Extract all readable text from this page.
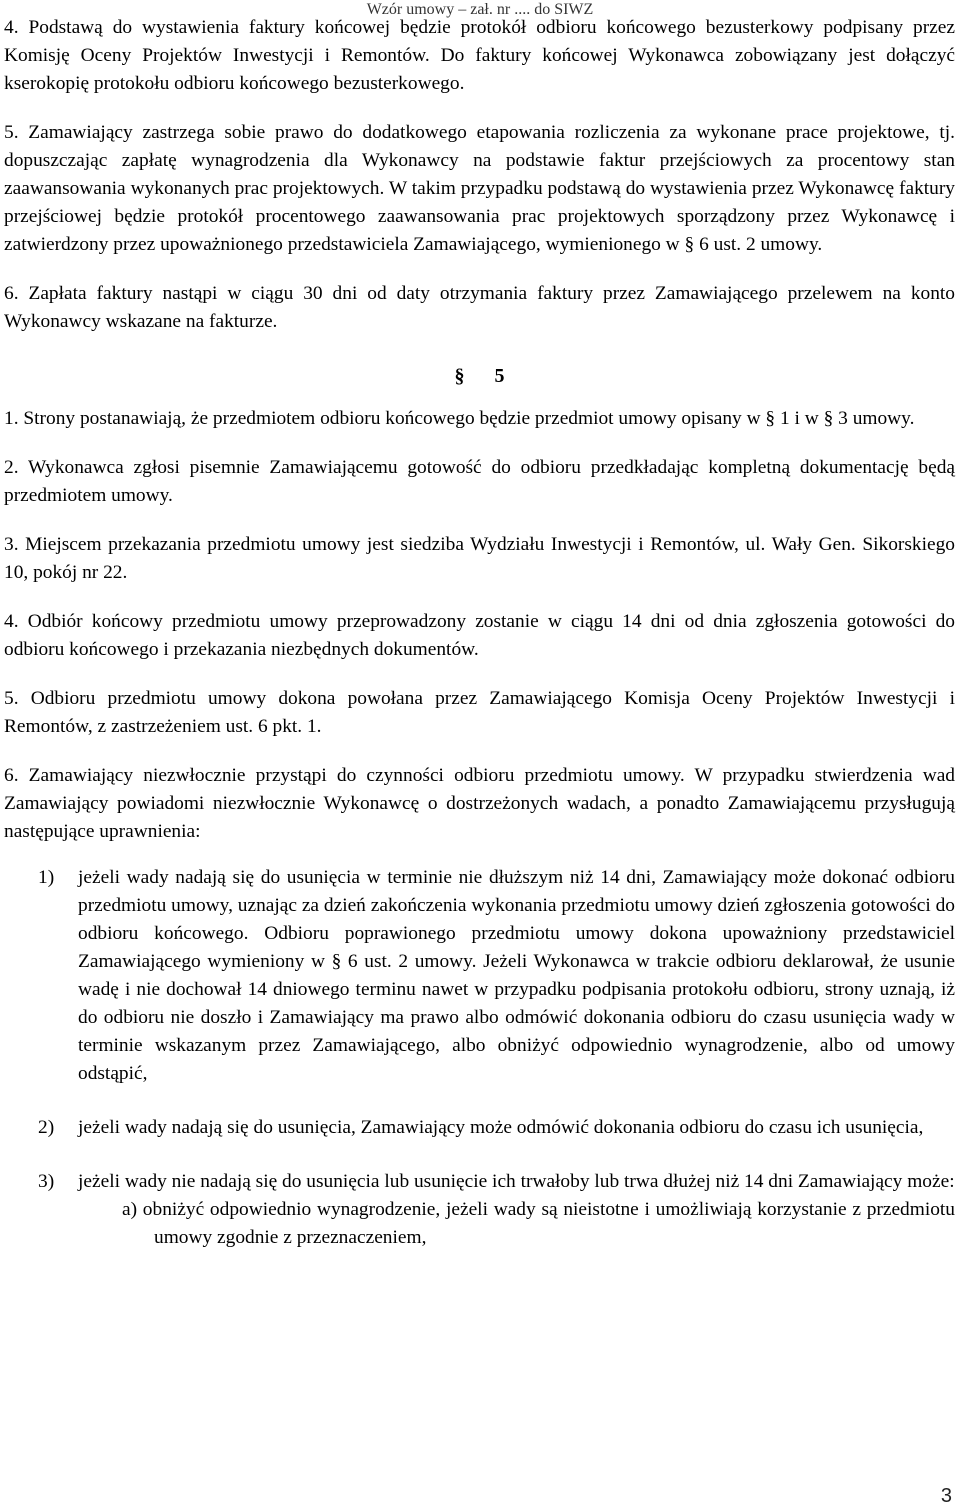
Wzór umowy – zał. nr .... do SIWZ
4. Podstawą do wystawienia faktury końcowej będzie protokół odbioru końcowego bezusterkowy podpisany przez Komisję Oceny Projektów Inwestycji i Remontów. Do faktury końcowej Wykonawca zobowiązany jest dołączyć kserokopię protokołu odbioru końcowego bezusterkowego.
5. Zamawiający zastrzega sobie prawo do dodatkowego etapowania rozliczenia za wykonane prace projektowe, tj. dopuszczając zapłatę wynagrodzenia dla Wykonawcy na podstawie faktur przejściowych za procentowy stan zaawansowania wykonanych prac projektowych. W takim przypadku podstawą do wystawienia przez Wykonawcę faktury przejściowej będzie protokół procentowego zaawansowania prac projektowych sporządzony przez Wykonawcę i zatwierdzony przez upoważnionego przedstawiciela Zamawiającego, wymienionego w § 6 ust. 2 umowy.
6. Zapłata faktury nastąpi w ciągu 30 dni od daty otrzymania faktury przez Zamawiającego przelewem na konto Wykonawcy wskazane na fakturze.
§ 5
1. Strony postanawiają, że przedmiotem odbioru końcowego będzie przedmiot umowy opisany w § 1 i w § 3 umowy.
2. Wykonawca zgłosi pisemnie Zamawiającemu gotowość do odbioru przedkładając kompletną dokumentację będą przedmiotem umowy.
3. Miejscem przekazania przedmiotu umowy jest siedziba Wydziału Inwestycji i Remontów, ul. Wały Gen. Sikorskiego 10, pokój nr 22.
4. Odbiór końcowy przedmiotu umowy przeprowadzony zostanie w ciągu 14 dni od dnia zgłoszenia gotowości do odbioru końcowego i przekazania niezbędnych dokumentów.
5. Odbioru przedmiotu umowy dokona powołana przez Zamawiającego Komisja Oceny Projektów Inwestycji i Remontów, z zastrzeżeniem ust. 6 pkt. 1.
6. Zamawiający niezwłocznie przystąpi do czynności odbioru przedmiotu umowy. W przypadku stwierdzenia wad Zamawiający powiadomi niezwłocznie Wykonawcę o dostrzeżonych wadach, a ponadto Zamawiającemu przysługują następujące uprawnienia:
1)	jeżeli wady nadają się do usunięcia w terminie nie dłuższym niż 14 dni, Zamawiający może dokonać odbioru przedmiotu umowy, uznając za dzień zakończenia wykonania przedmiotu umowy dzień zgłoszenia gotowości do odbioru końcowego. Odbioru poprawionego przedmiotu umowy dokona upoważniony przedstawiciel Zamawiającego wymieniony w § 6 ust. 2 umowy. Jeżeli Wykonawca w trakcie odbioru deklarował, że usunie wadę i nie dochował 14 dniowego terminu nawet w przypadku podpisania protokołu odbioru, strony uznają, iż do odbioru nie doszło i Zamawiający ma prawo albo odmówić dokonania odbioru do czasu usunięcia wady w terminie wskazanym przez Zamawiającego, albo obniżyć odpowiednio wynagrodzenie, albo od umowy odstąpić,
2)	jeżeli wady nadają się do usunięcia, Zamawiający może odmówić dokonania odbioru do czasu ich usunięcia,
3)	jeżeli wady nie nadają się do usunięcia lub usunięcie ich trwałoby lub trwa dłużej niż 14 dni Zamawiający może:
a) obniżyć odpowiednio wynagrodzenie, jeżeli wady są nieistotne i umożliwiają korzystanie z przedmiotu umowy zgodnie z przeznaczeniem,
3
